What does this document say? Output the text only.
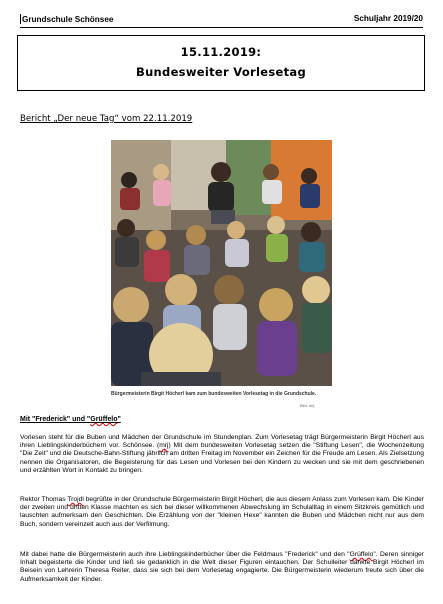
Grundschule Schönsee	Schuljahr 2019/20
15.11.2019:
Bundesweiter Vorlesetag
Bericht „Der neue Tag“ vom 22.11.2019
Bürgermeisterin Birgit Höcherl kam zum bundesweiten Vorlesetag in die Grundschule.
Bild: mrj
Mit "Frederick" und "Grüffelo"
Vorlesen steht für die Buben und Mädchen der Grundschule im Stundenplan. Zum Vorlesetag trägt Bürgermeisterin Birgit Höcherl aus ihren Lieblingskinderbüchern vor. Schönsee. (mrj) Mit dem bundesweiten Vorlesetag setzen die "Stiftung Lesen", die Wochenzeitung "Die Zeit" und die Deutsche-Bahn-Stiftung jährlich am dritten Freitag im November ein Zeichen für die Freude am Lesen. Als Zielsetzung nennen die Organisatoren, die Begeisterung für das Lesen und Vorlesen bei den Kindern zu wecken und sie mit dem geschriebenen und erzählten Wort in Kontakt zu bringen.
Rektor Thomas Trojdl begrüßte in der Grundschule Bürgermeisterin Birgit Höcherl, die aus diesem Anlass zum Vorlesen kam. Die Kinder der zweiten und dritten Klasse machten es sich bei dieser willkommenen Abwechslung im Schulalltag in einem Sitzkreis gemütlich und lauschten aufmerksam den Geschichten. Die Erzählung von der "kleinen Hexe" kannten die Buben und Mädchen nicht nur aus dem Buch, sondern vereinzelt auch aus der Verfilmung.
Mit dabei hatte die Bürgermeisterin auch ihre Lieblingskinderbücher über die Feldmaus "Frederick" und den "Grüffelo". Deren sinniger Inhalt begeisterte die Kinder und ließ sie gedanklich in die Welt dieser Figuren eintauchen. Der Schulleiter dankte Birgit Höcherl im Beisein von Lehrerin Theresa Reiter, dass sie sich bei dem Vorlesetag engagierte. Die Bürgermeisterin wiederum freute sich über die Aufmerksamkeit der Kinder.
